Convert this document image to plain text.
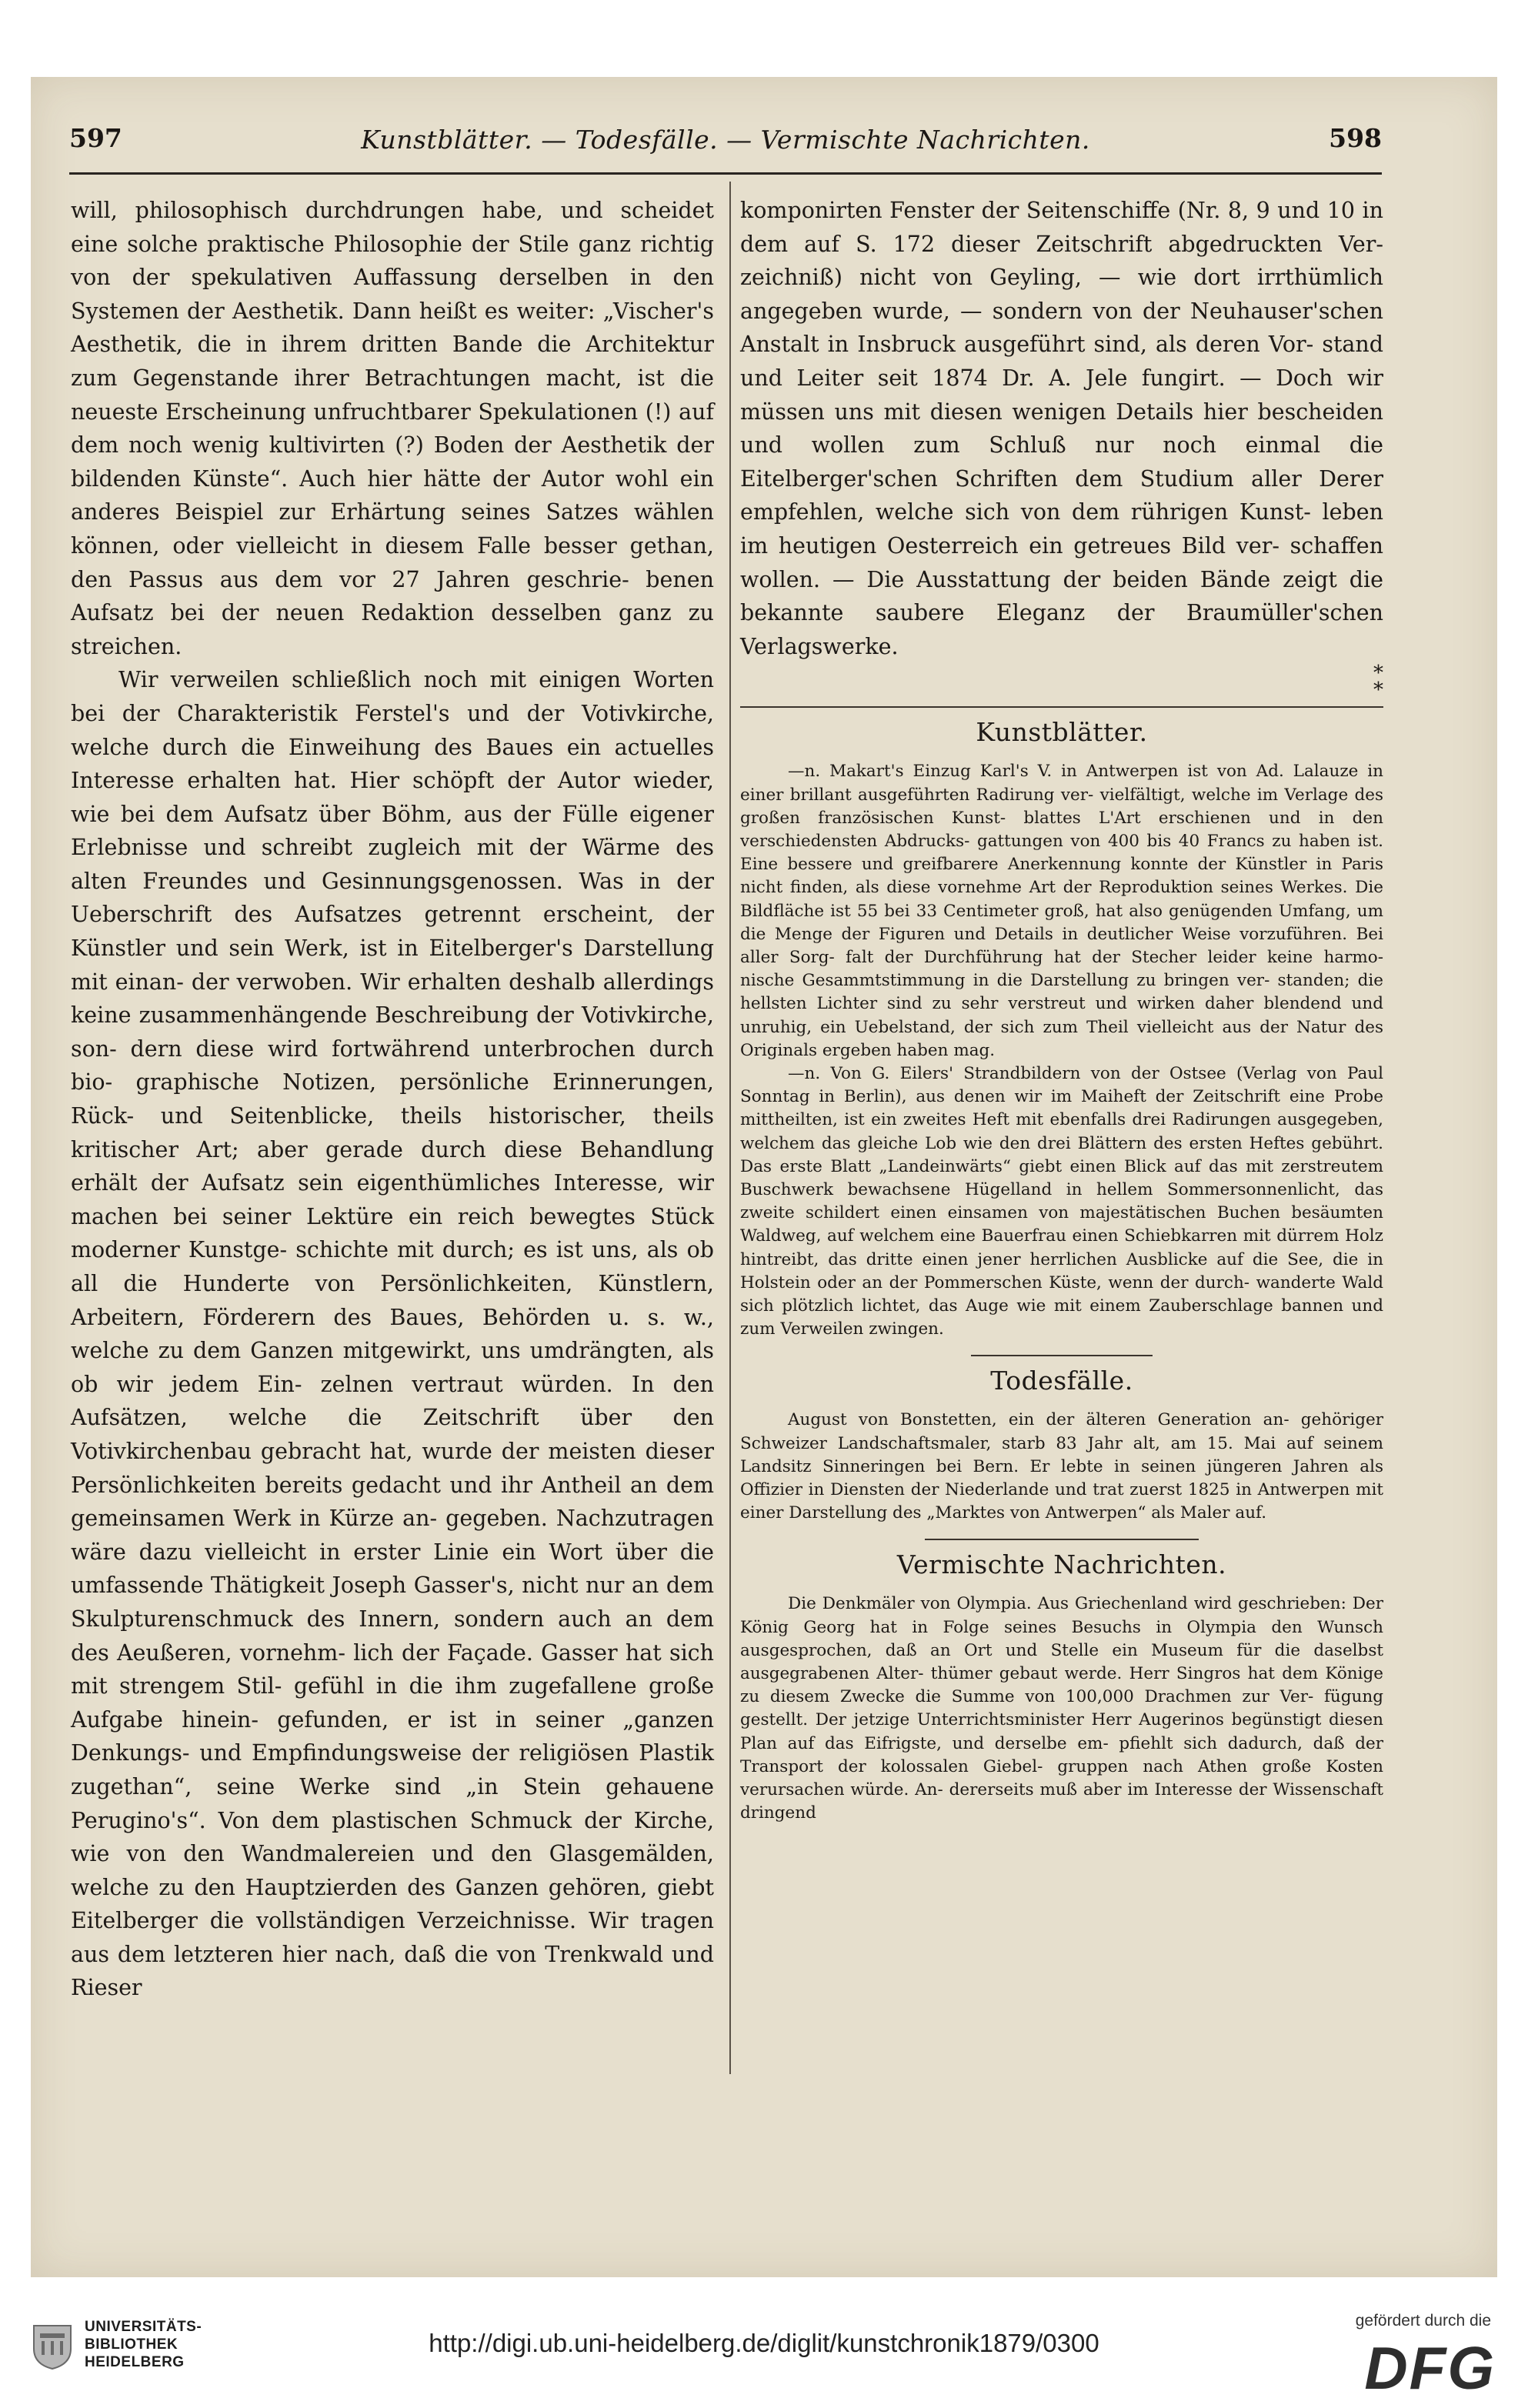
597	Kunstblätter. — Todesfälle. — Vermischte Nachrichten.	598

will, philosophisch durchdrungen habe, und scheidet eine solche praktische Philosophie der Stile ganz richtig von der spekulativen Auffassung derselben in den Systemen der Aesthetik. Dann heißt es weiter: „Vischer's Aesthetik, die in ihrem dritten Bande die Architektur zum Gegenstande ihrer Betrachtungen macht, ist die neueste Erscheinung unfruchtbarer Spekulationen (!) auf dem noch wenig kultivirten (?) Boden der Aesthetik der bildenden Künste“. Auch hier hätte der Autor wohl ein anderes Beispiel zur Erhärtung seines Satzes wählen können, oder vielleicht in diesem Falle besser gethan, den Passus aus dem vor 27 Jahren geschrie- benen Aufsatz bei der neuen Redaktion desselben ganz zu streichen.

Wir verweilen schließlich noch mit einigen Worten bei der Charakteristik Ferstel's und der Votivkirche, welche durch die Einweihung des Baues ein actuelles Interesse erhalten hat. Hier schöpft der Autor wieder, wie bei dem Aufsatz über Böhm, aus der Fülle eigener Erlebnisse und schreibt zugleich mit der Wärme des alten Freundes und Gesinnungsgenossen. Was in der Ueberschrift des Aufsatzes getrennt erscheint, der Künstler und sein Werk, ist in Eitelberger's Darstellung mit einan- der verwoben. Wir erhalten deshalb allerdings keine zusammenhängende Beschreibung der Votivkirche, son- dern diese wird fortwährend unterbrochen durch bio- graphische Notizen, persönliche Erinnerungen, Rück- und Seitenblicke, theils historischer, theils kritischer Art; aber gerade durch diese Behandlung erhält der Aufsatz sein eigenthümliches Interesse, wir machen bei seiner Lektüre ein reich bewegtes Stück moderner Kunstge- schichte mit durch; es ist uns, als ob all die Hunderte von Persönlichkeiten, Künstlern, Arbeitern, Förderern des Baues, Behörden u. s. w., welche zu dem Ganzen mitgewirkt, uns umdrängten, als ob wir jedem Ein- zelnen vertraut würden. In den Aufsätzen, welche die Zeitschrift über den Votivkirchenbau gebracht hat, wurde der meisten dieser Persönlichkeiten bereits gedacht und ihr Antheil an dem gemeinsamen Werk in Kürze an- gegeben. Nachzutragen wäre dazu vielleicht in erster Linie ein Wort über die umfassende Thätigkeit Joseph Gasser's, nicht nur an dem Skulpturenschmuck des Innern, sondern auch an dem des Aeußeren, vornehm- lich der Façade. Gasser hat sich mit strengem Stil- gefühl in die ihm zugefallene große Aufgabe hinein- gefunden, er ist in seiner „ganzen Denkungs- und Empfindungsweise der religiösen Plastik zugethan“, seine Werke sind „in Stein gehauene Perugino's“. Von dem plastischen Schmuck der Kirche, wie von den Wandmalereien und den Glasgemälden, welche zu den Hauptzierden des Ganzen gehören, giebt Eitelberger die vollständigen Verzeichnisse. Wir tragen aus dem letzteren hier nach, daß die von Trenkwald und Rieser

komponirten Fenster der Seitenschiffe (Nr. 8, 9 und 10 in dem auf S. 172 dieser Zeitschrift abgedruckten Ver- zeichniß) nicht von Geyling, — wie dort irrthümlich angegeben wurde, — sondern von der Neuhauser'schen Anstalt in Insbruck ausgeführt sind, als deren Vor- stand und Leiter seit 1874 Dr. A. Jele fungirt. — Doch wir müssen uns mit diesen wenigen Details hier bescheiden und wollen zum Schluß nur noch einmal die Eitelberger'schen Schriften dem Studium aller Derer empfehlen, welche sich von dem rührigen Kunst- leben im heutigen Oesterreich ein getreues Bild ver- schaffen wollen. — Die Ausstattung der beiden Bände zeigt die bekannte saubere Eleganz der Braumüller'schen Verlagswerke.

*
*

Kunstblätter.

—n. Makart's Einzug Karl's V. in Antwerpen ist von Ad. Lalauze in einer brillant ausgeführten Radirung ver- vielfältigt, welche im Verlage des großen französischen Kunst- blattes L'Art erschienen und in den verschiedensten Abdrucks- gattungen von 400 bis 40 Francs zu haben ist. Eine bessere und greifbarere Anerkennung konnte der Künstler in Paris nicht finden, als diese vornehme Art der Reproduktion seines Werkes. Die Bildfläche ist 55 bei 33 Centimeter groß, hat also genügenden Umfang, um die Menge der Figuren und Details in deutlicher Weise vorzuführen. Bei aller Sorg- falt der Durchführung hat der Stecher leider keine harmo- nische Gesammtstimmung in die Darstellung zu bringen ver- standen; die hellsten Lichter sind zu sehr verstreut und wirken daher blendend und unruhig, ein Uebelstand, der sich zum Theil vielleicht aus der Natur des Originals ergeben haben mag.

—n. Von G. Eilers' Strandbildern von der Ostsee (Verlag von Paul Sonntag in Berlin), aus denen wir im Maiheft der Zeitschrift eine Probe mittheilten, ist ein zweites Heft mit ebenfalls drei Radirungen ausgegeben, welchem das gleiche Lob wie den drei Blättern des ersten Heftes gebührt. Das erste Blatt „Landeinwärts“ giebt einen Blick auf das mit zerstreutem Buschwerk bewachsene Hügelland in hellem Sommersonnenlicht, das zweite schildert einen einsamen von majestätischen Buchen besäumten Waldweg, auf welchem eine Bauerfrau einen Schiebkarren mit dürrem Holz hintreibt, das dritte einen jener herrlichen Ausblicke auf die See, die in Holstein oder an der Pommerschen Küste, wenn der durch- wanderte Wald sich plötzlich lichtet, das Auge wie mit einem Zauberschlage bannen und zum Verweilen zwingen.

Todesfälle.

August von Bonstetten, ein der älteren Generation an- gehöriger Schweizer Landschaftsmaler, starb 83 Jahr alt, am 15. Mai auf seinem Landsitz Sinneringen bei Bern. Er lebte in seinen jüngeren Jahren als Offizier in Diensten der Niederlande und trat zuerst 1825 in Antwerpen mit einer Darstellung des „Marktes von Antwerpen“ als Maler auf.

Vermischte Nachrichten.

Die Denkmäler von Olympia. Aus Griechenland wird geschrieben: Der König Georg hat in Folge seines Besuchs in Olympia den Wunsch ausgesprochen, daß an Ort und Stelle ein Museum für die daselbst ausgegrabenen Alter- thümer gebaut werde. Herr Singros hat dem Könige zu diesem Zwecke die Summe von 100,000 Drachmen zur Ver- fügung gestellt. Der jetzige Unterrichtsminister Herr Augerinos begünstigt diesen Plan auf das Eifrigste, und derselbe em- pfiehlt sich dadurch, daß der Transport der kolossalen Giebel- gruppen nach Athen große Kosten verursachen würde. An- dererseits muß aber im Interesse der Wissenschaft dringend

UNIVERSITÄTS-
BIBLIOTHEK
HEIDELBERG
http://digi.ub.uni-heidelberg.de/diglit/kunstchronik1879/0300
gefördert durch die
DFG
